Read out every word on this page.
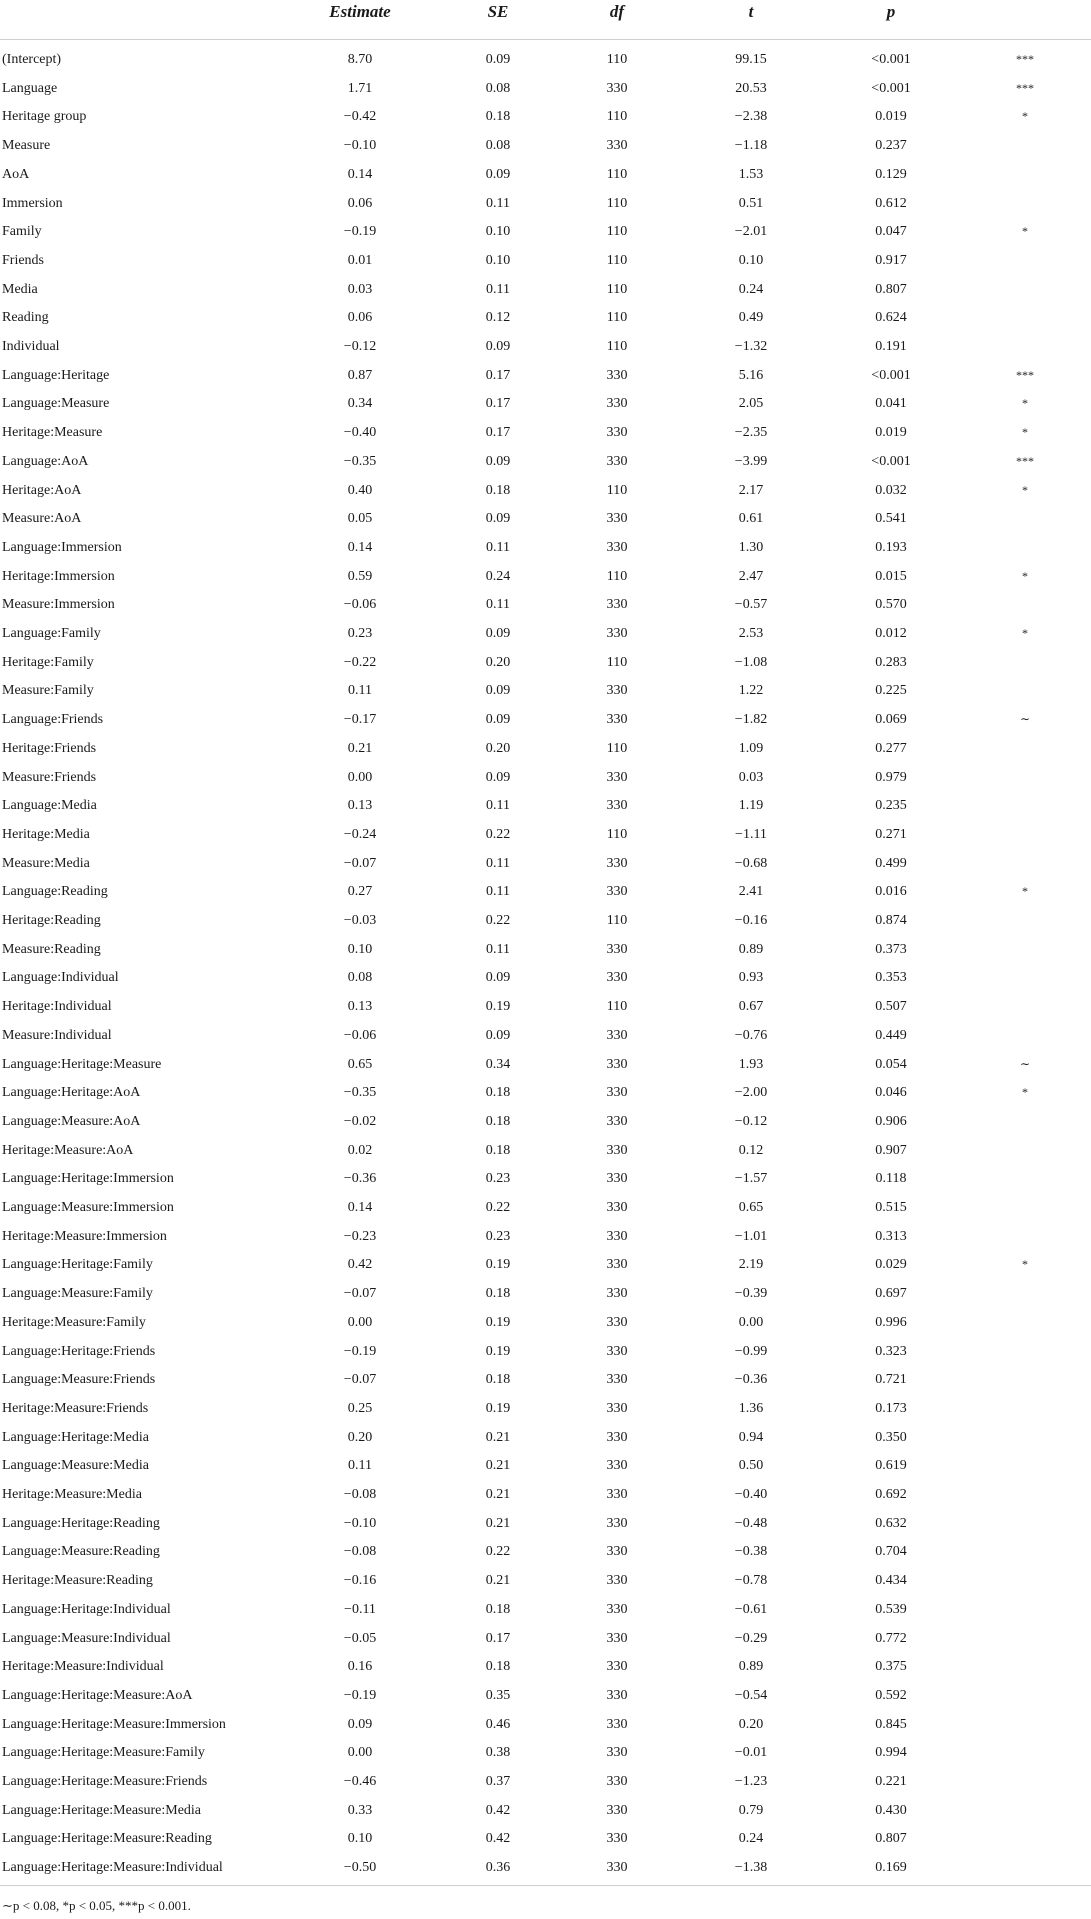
Estimate	SE	df	t	p
(Intercept)	8.70	0.09	110	99.15	<0.001	***
Language	1.71	0.08	330	20.53	<0.001	***
Heritage group	−0.42	0.18	110	−2.38	0.019	*
Measure	−0.10	0.08	330	−1.18	0.237
AoA	0.14	0.09	110	1.53	0.129
Immersion	0.06	0.11	110	0.51	0.612
Family	−0.19	0.10	110	−2.01	0.047	*
Friends	0.01	0.10	110	0.10	0.917
Media	0.03	0.11	110	0.24	0.807
Reading	0.06	0.12	110	0.49	0.624
Individual	−0.12	0.09	110	−1.32	0.191
Language:Heritage	0.87	0.17	330	5.16	<0.001	***
Language:Measure	0.34	0.17	330	2.05	0.041	*
Heritage:Measure	−0.40	0.17	330	−2.35	0.019	*
Language:AoA	−0.35	0.09	330	−3.99	<0.001	***
Heritage:AoA	0.40	0.18	110	2.17	0.032	*
Measure:AoA	0.05	0.09	330	0.61	0.541
Language:Immersion	0.14	0.11	330	1.30	0.193
Heritage:Immersion	0.59	0.24	110	2.47	0.015	*
Measure:Immersion	−0.06	0.11	330	−0.57	0.570
Language:Family	0.23	0.09	330	2.53	0.012	*
Heritage:Family	−0.22	0.20	110	−1.08	0.283
Measure:Family	0.11	0.09	330	1.22	0.225
Language:Friends	−0.17	0.09	330	−1.82	0.069	∼
Heritage:Friends	0.21	0.20	110	1.09	0.277
Measure:Friends	0.00	0.09	330	0.03	0.979
Language:Media	0.13	0.11	330	1.19	0.235
Heritage:Media	−0.24	0.22	110	−1.11	0.271
Measure:Media	−0.07	0.11	330	−0.68	0.499
Language:Reading	0.27	0.11	330	2.41	0.016	*
Heritage:Reading	−0.03	0.22	110	−0.16	0.874
Measure:Reading	0.10	0.11	330	0.89	0.373
Language:Individual	0.08	0.09	330	0.93	0.353
Heritage:Individual	0.13	0.19	110	0.67	0.507
Measure:Individual	−0.06	0.09	330	−0.76	0.449
Language:Heritage:Measure	0.65	0.34	330	1.93	0.054	∼
Language:Heritage:AoA	−0.35	0.18	330	−2.00	0.046	*
Language:Measure:AoA	−0.02	0.18	330	−0.12	0.906
Heritage:Measure:AoA	0.02	0.18	330	0.12	0.907
Language:Heritage:Immersion	−0.36	0.23	330	−1.57	0.118
Language:Measure:Immersion	0.14	0.22	330	0.65	0.515
Heritage:Measure:Immersion	−0.23	0.23	330	−1.01	0.313
Language:Heritage:Family	0.42	0.19	330	2.19	0.029	*
Language:Measure:Family	−0.07	0.18	330	−0.39	0.697
Heritage:Measure:Family	0.00	0.19	330	0.00	0.996
Language:Heritage:Friends	−0.19	0.19	330	−0.99	0.323
Language:Measure:Friends	−0.07	0.18	330	−0.36	0.721
Heritage:Measure:Friends	0.25	0.19	330	1.36	0.173
Language:Heritage:Media	0.20	0.21	330	0.94	0.350
Language:Measure:Media	0.11	0.21	330	0.50	0.619
Heritage:Measure:Media	−0.08	0.21	330	−0.40	0.692
Language:Heritage:Reading	−0.10	0.21	330	−0.48	0.632
Language:Measure:Reading	−0.08	0.22	330	−0.38	0.704
Heritage:Measure:Reading	−0.16	0.21	330	−0.78	0.434
Language:Heritage:Individual	−0.11	0.18	330	−0.61	0.539
Language:Measure:Individual	−0.05	0.17	330	−0.29	0.772
Heritage:Measure:Individual	0.16	0.18	330	0.89	0.375
Language:Heritage:Measure:AoA	−0.19	0.35	330	−0.54	0.592
Language:Heritage:Measure:Immersion	0.09	0.46	330	0.20	0.845
Language:Heritage:Measure:Family	0.00	0.38	330	−0.01	0.994
Language:Heritage:Measure:Friends	−0.46	0.37	330	−1.23	0.221
Language:Heritage:Measure:Media	0.33	0.42	330	0.79	0.430
Language:Heritage:Measure:Reading	0.10	0.42	330	0.24	0.807
Language:Heritage:Measure:Individual	−0.50	0.36	330	−1.38	0.169
∼p < 0.08, *p < 0.05, ***p < 0.001.
